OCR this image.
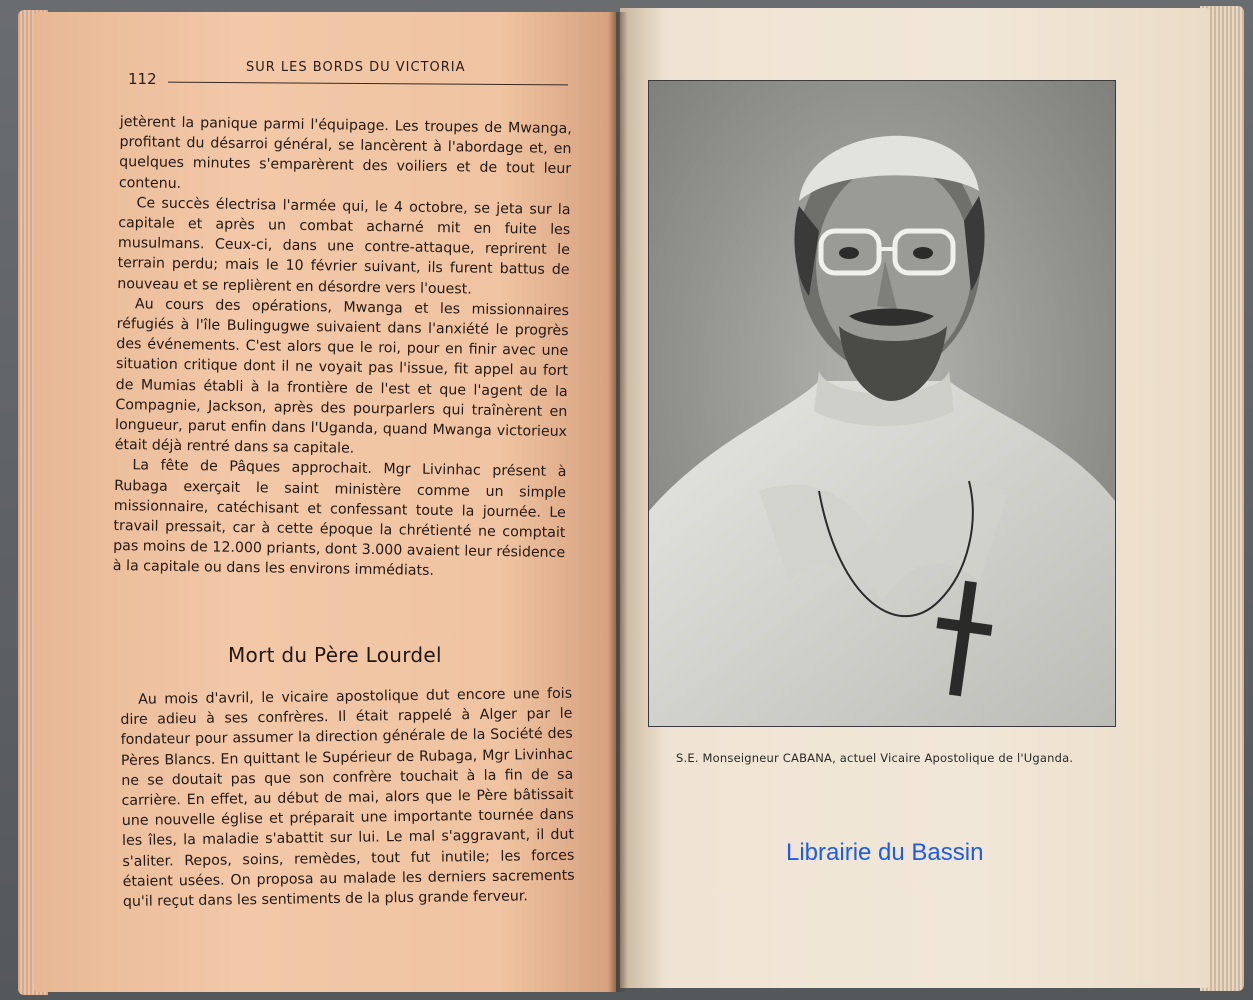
112
SUR LES BORDS DU VICTORIA

jetèrent la panique parmi l'équipage. Les troupes de Mwanga, profitant du désarroi général, se lancèrent à l'abordage et, en quelques minutes s'emparèrent des voiliers et de tout leur contenu.

Ce succès électrisa l'armée qui, le 4 octobre, se jeta sur la capitale et après un combat acharné mit en fuite les musulmans. Ceux-ci, dans une contre-attaque, reprirent le terrain perdu; mais le 10 février suivant, ils furent battus de nouveau et se replièrent en désordre vers l'ouest.

Au cours des opérations, Mwanga et les missionnaires réfugiés à l'île Bulingugwe suivaient dans l'anxiété le progrès des événements. C'est alors que le roi, pour en finir avec une situation critique dont il ne voyait pas l'issue, fit appel au fort de Mumias établi à la frontière de l'est et que l'agent de la Compagnie, Jackson, après des pourparlers qui traînèrent en longueur, parut enfin dans l'Uganda, quand Mwanga victorieux était déjà rentré dans sa capitale.

La fête de Pâques approchait. Mgr Livinhac présent à Rubaga exerçait le saint ministère comme un simple missionnaire, catéchisant et confessant toute la journée. Le travail pressait, car à cette époque la chrétienté ne comptait pas moins de 12.000 priants, dont 3.000 avaient leur résidence à la capitale ou dans les environs immédiats.

Mort du Père Lourdel

Au mois d'avril, le vicaire apostolique dut encore une fois dire adieu à ses confrères. Il était rappelé à Alger par le fondateur pour assumer la direction générale de la Société des Pères Blancs. En quittant le Supérieur de Rubaga, Mgr Livinhac ne se doutait pas que son confrère touchait à la fin de sa carrière. En effet, au début de mai, alors que le Père bâtissait une nouvelle église et préparait une importante tournée dans les îles, la maladie s'abattit sur lui. Le mal s'aggravant, il dut s'aliter. Repos, soins, remèdes, tout fut inutile; les forces étaient usées. On proposa au malade les derniers sacrements qu'il reçut dans les sentiments de la plus grande ferveur.

S.E. Monseigneur CABANA, actuel Vicaire Apostolique de l'Uganda.
Librairie du Bassin
